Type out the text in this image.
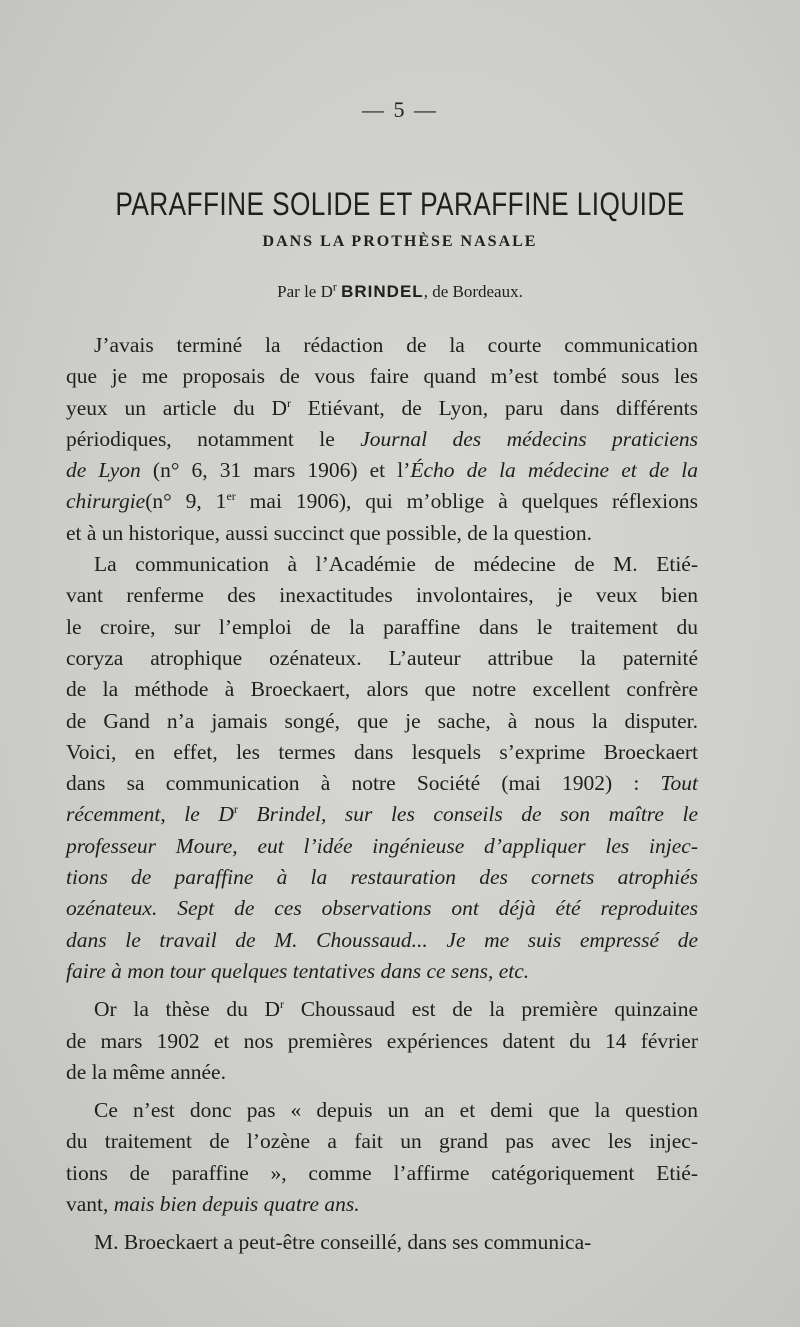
— 5 —
PARAFFINE SOLIDE ET PARAFFINE LIQUIDE
DANS LA PROTHÈSE NASALE
Par le $D^r$ BRINDEL, de Bordeaux.
J’avais terminé la rédaction de la courte communication
que je me proposais de vous faire quand m’est tombé sous les
yeux un article du $D^r$ Etiévant, de Lyon, paru dans différents
périodiques, notamment le Journal des médecins praticiens
de Lyon (n° 6, 31 mars 1906) et l’Écho de la médecine et de la
chirurgie(n° 9, 1er mai 1906), qui m’oblige à quelques réflexions
et à un historique, aussi succinct que possible, de la question.
La communication à l’Académie de médecine de M. Etié-
vant renferme des inexactitudes involontaires, je veux bien
le croire, sur l’emploi de la paraffine dans le traitement du
coryza atrophique ozénateux. L’auteur attribue la paternité
de la méthode à Broeckaert, alors que notre excellent confrère
de Gand n’a jamais songé, que je sache, à nous la disputer.
Voici, en effet, les termes dans lesquels s’exprime Broeckaert
dans sa communication à notre Société (mai 1902) : Tout
récemment, le $D^r$ Brindel, sur les conseils de son maître le
professeur Moure, eut l’idée ingénieuse d’appliquer les injec-
tions de paraffine à la restauration des cornets atrophiés
ozénateux. Sept de ces observations ont déjà été reproduites
dans le travail de M. Choussaud... Je me suis empressé de
faire à mon tour quelques tentatives dans ce sens, etc.
Or la thèse du $D^r$ Choussaud est de la première quinzaine
de mars 1902 et nos premières expériences datent du 14 février
de la même année.
Ce n’est donc pas « depuis un an et demi que la question
du traitement de l’ozène a fait un grand pas avec les injec-
tions de paraffine », comme l’affirme catégoriquement Etié-
vant, mais bien depuis quatre ans.
M. Broeckaert a peut-être conseillé, dans ses communica-
